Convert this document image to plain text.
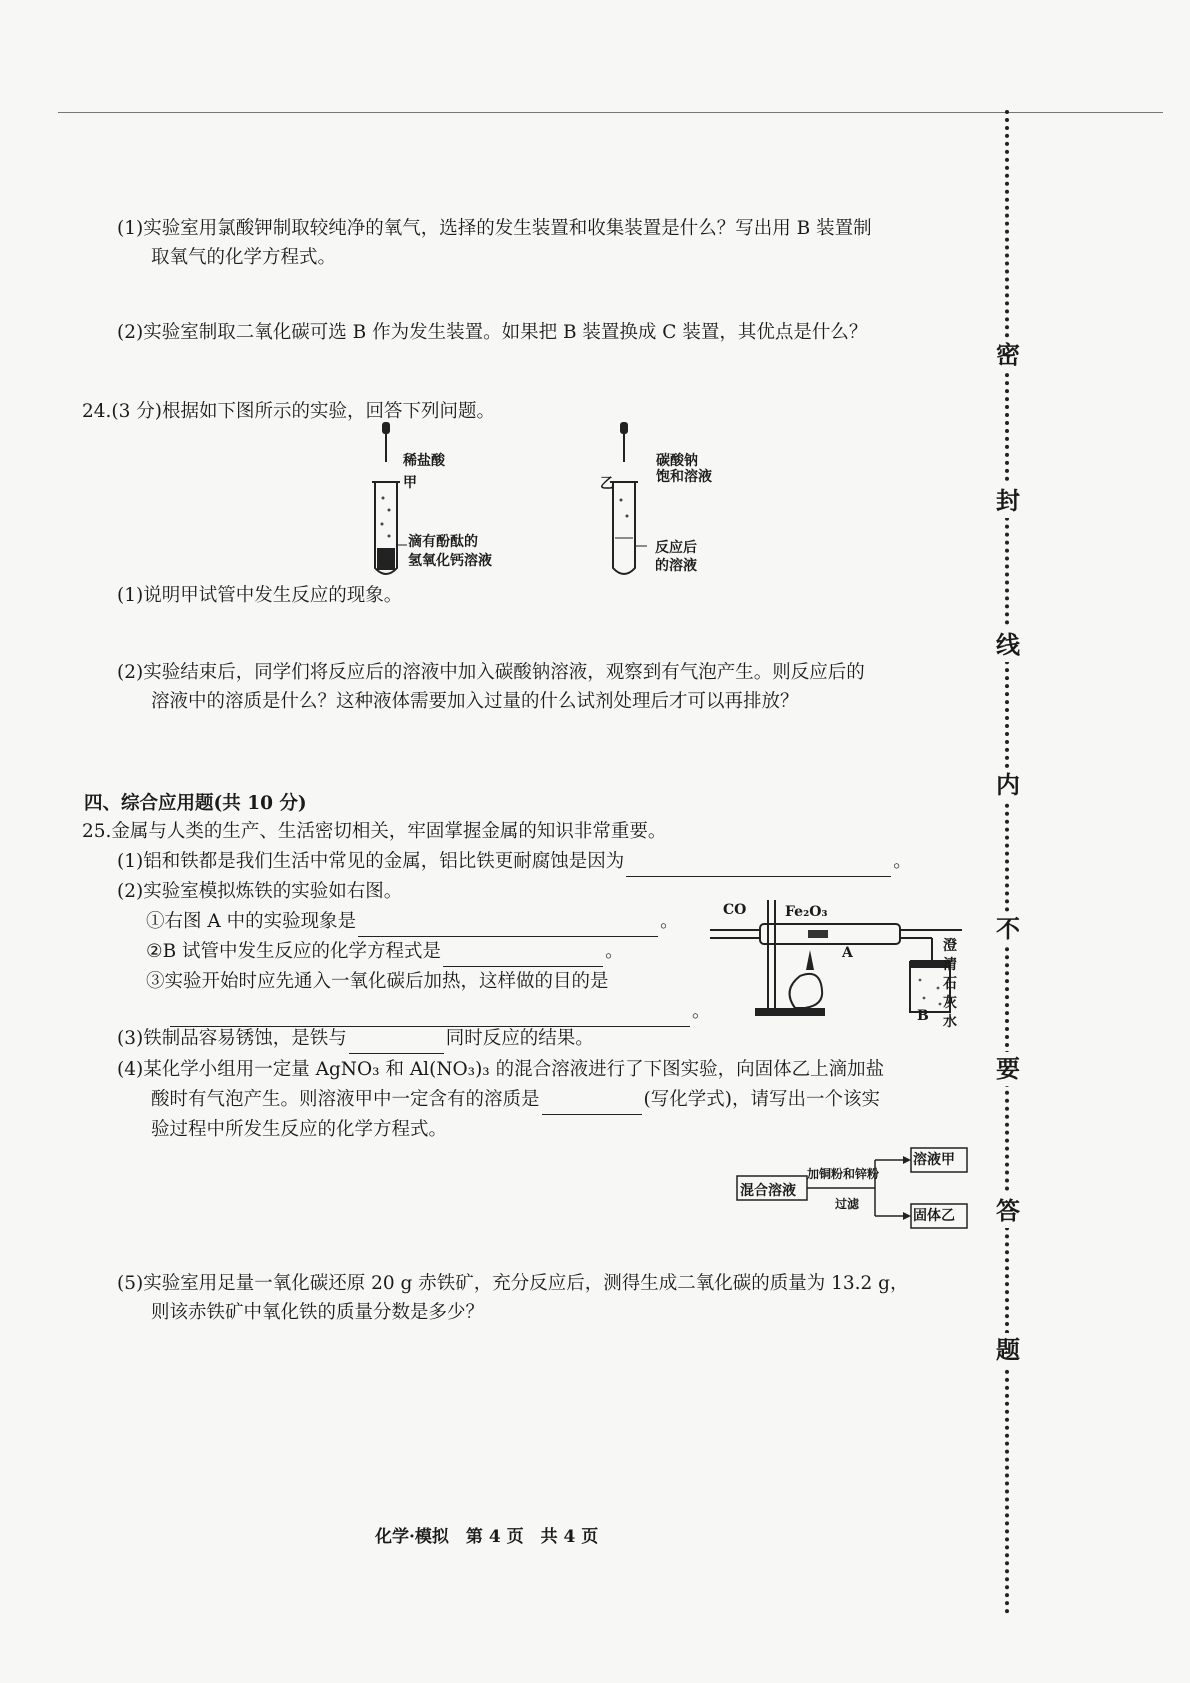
密
封
线
内
不
要
答
题
(1)实验室用氯酸钾制取较纯净的氧气，选择的发生装置和收集装置是什么？写出用 B 装置制
取氧气的化学方程式。
(2)实验室制取二氧化碳可选 B 作为发生装置。如果把 B 装置换成 C 装置，其优点是什么？
24.(3 分)根据如下图所示的实验，回答下列问题。
稀盐酸
甲
滴有酚酞的
氢氧化钙溶液
乙
碳酸钠
饱和溶液
反应后
的溶液
(1)说明甲试管中发生反应的现象。
(2)实验结束后，同学们将反应后的溶液中加入碳酸钠溶液，观察到有气泡产生。则反应后的
溶液中的溶质是什么？这种液体需要加入过量的什么试剂处理后才可以再排放？
四、综合应用题(共 10 分)
25.金属与人类的生产、生活密切相关，牢固掌握金属的知识非常重要。
(1)铝和铁都是我们生活中常见的金属，铝比铁更耐腐蚀是因为	。
(2)实验室模拟炼铁的实验如右图。
①右图 A 中的实验现象是	。
②B 试管中发生反应的化学方程式是	。
③实验开始时应先通入一氧化碳后加热，这样做的目的是
。
CO	Fe₂O₃
A
B
澄
清
石
灰
水
(3)铁制品容易锈蚀，是铁与	同时反应的结果。
(4)某化学小组用一定量 AgNO₃ 和 Al(NO₃)₃ 的混合溶液进行了下图实验，向固体乙上滴加盐
酸时有气泡产生。则溶液甲中一定含有的溶质是	(写化学式)，请写出一个该实
验过程中所发生反应的化学方程式。
混合溶液
加铜粉和锌粉
过滤
溶液甲
固体乙
(5)实验室用足量一氧化碳还原 20 g 赤铁矿，充分反应后，测得生成二氧化碳的质量为 13.2 g，
则该赤铁矿中氧化铁的质量分数是多少？
化学·模拟　第 4 页　共 4 页
